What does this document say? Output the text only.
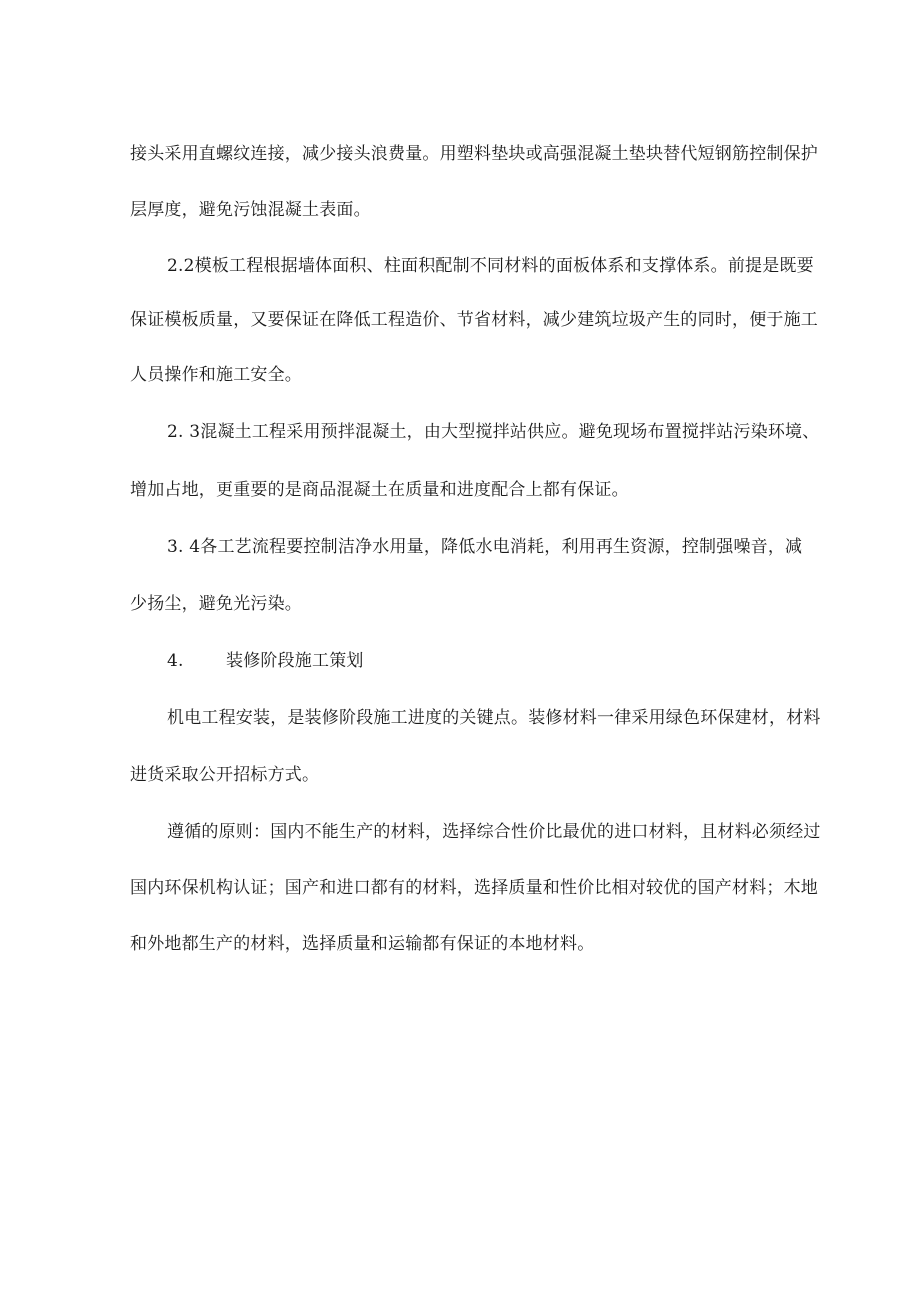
接头采用直螺纹连接，减少接头浪费量。用塑料垫块或高强混凝土垫块替代短钢筋控制保护

层厚度，避免污蚀混凝土表面。

2.2模板工程根据墙体面积、柱面积配制不同材料的面板体系和支撑体系。前提是既要

保证模板质量，又要保证在降低工程造价、节省材料，减少建筑垃圾产生的同时，便于施工

人员操作和施工安全。

2. 3混凝土工程采用预拌混凝土，由大型搅拌站供应。避免现场布置搅拌站污染环境、

增加占地，更重要的是商品混凝土在质量和进度配合上都有保证。

3. 4各工艺流程要控制洁净水用量，降低水电消耗，利用再生资源，控制强噪音，减

少扬尘，避免光污染。

4. 装修阶段施工策划

机电工程安装，是装修阶段施工进度的关键点。装修材料一律采用绿色环保建材，材料

进货采取公开招标方式。

遵循的原则：国内不能生产的材料，选择综合性价比最优的进口材料，且材料必须经过

国内环保机构认证；国产和进口都有的材料，选择质量和性价比相对较优的国产材料；木地

和外地都生产的材料，选择质量和运输都有保证的本地材料。
